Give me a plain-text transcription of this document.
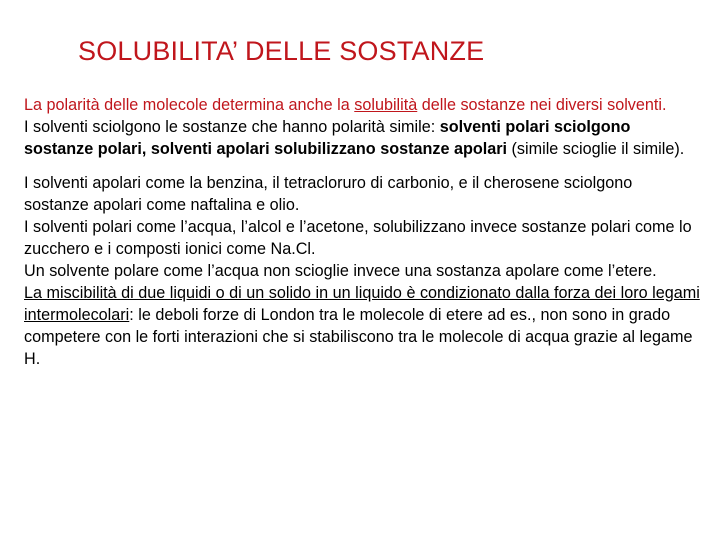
SOLUBILITA’ DELLE SOSTANZE

La polarità delle molecole determina anche la solubilità delle sostanze nei diversi solventi.

I solventi sciolgono le sostanze che hanno polarità simile: solventi polari sciolgono sostanze polari, solventi apolari solubilizzano sostanze apolari (simile scioglie il simile).

I solventi apolari come la benzina, il tetracloruro di carbonio, e il cherosene sciolgono sostanze apolari come naftalina e olio.

I solventi polari come l’acqua, l’alcol e l’acetone, solubilizzano invece sostanze polari come lo zucchero e i composti ionici come Na.Cl.

Un solvente polare come l’acqua non scioglie invece una sostanza apolare come l’etere.

La miscibilità di due liquidi o di un solido in un liquido è condizionato dalla forza dei loro legami intermolecolari: le deboli forze di London tra le molecole di etere ad es., non sono in grado competere con le forti interazioni che si stabiliscono tra le molecole di acqua grazie al legame H.
